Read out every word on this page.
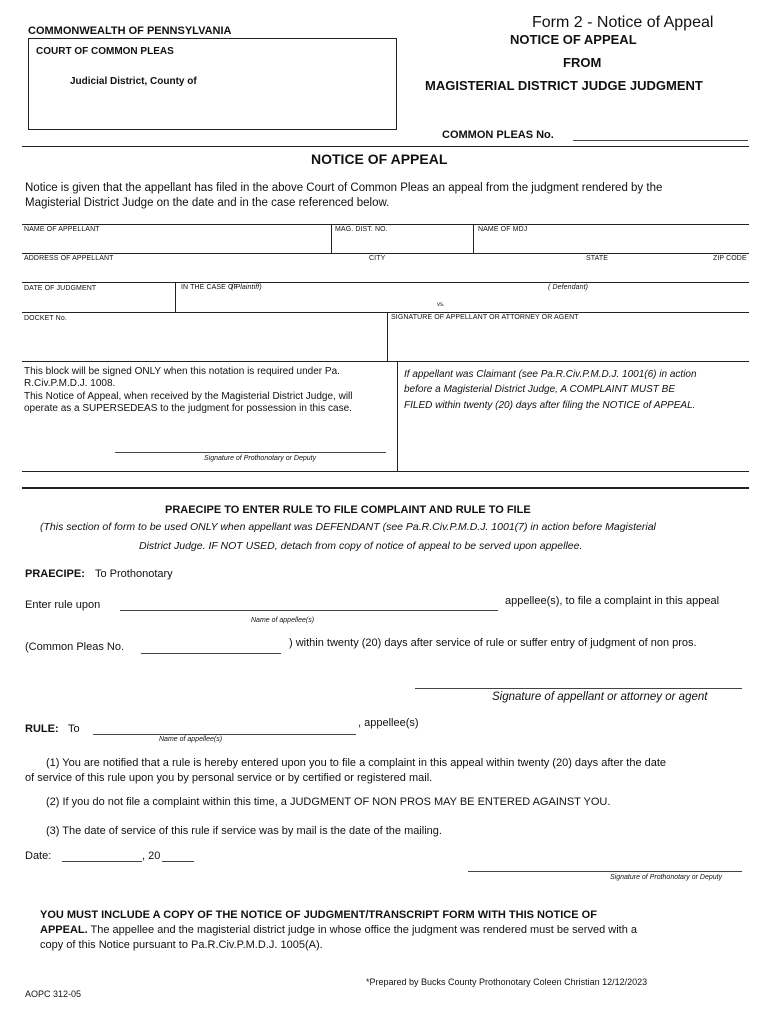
COMMONWEALTH OF PENNSYLVANIA
COURT OF COMMON PLEAS
Judicial District, County of
Form 2 - Notice of Appeal
NOTICE OF APPEAL
FROM
MAGISTERIAL DISTRICT JUDGE JUDGMENT
COMMON PLEAS No.
NOTICE OF APPEAL
Notice is given that the appellant has filed in the above Court of Common Pleas an appeal from the judgment rendered by the
Magisterial District Judge on the date and in the case referenced below.
NAME OF APPELLANT	MAG. DIST. NO.	NAME OF MDJ
ADDRESS OF APPELLANT	CITY	STATE	ZIP CODE
DATE OF JUDGMENT	IN THE CASE OF
( Plaintiff)	( Defendant)
vs.
DOCKET No.	SIGNATURE OF APPELLANT OR ATTORNEY OR AGENT
This block will be signed ONLY when this notation is required under Pa.
R.Civ.P.M.D.J. 1008.
This Notice of Appeal, when received by the Magisterial District Judge, will
operate as a SUPERSEDEAS to the judgment for possession in this case.
Signature of Prothonotary or Deputy
If appellant was Claimant (see Pa.R.Civ.P.M.D.J. 1001(6) in action
before a Magisterial District Judge, A COMPLAINT MUST BE
FILED within twenty (20) days after filing the NOTICE of APPEAL.
PRAECIPE TO ENTER RULE TO FILE COMPLAINT AND RULE TO FILE
(This section of form to be used ONLY when appellant was DEFENDANT (see Pa.R.Civ.P.M.D.J. 1001(7) in action before Magisterial
District Judge. IF NOT USED, detach from copy of notice of appeal to be served upon appellee.
PRAECIPE: To Prothonotary
Enter rule upon	appellee(s), to file a complaint in this appeal
Name of appellee(s)
(Common Pleas No.	) within twenty (20) days after service of rule or suffer entry of judgment of non pros.
Signature of appellant or attorney or agent
RULE: To	, appellee(s)
Name of appellee(s)
(1) You are notified that a rule is hereby entered upon you to file a complaint in this appeal within twenty (20) days after the date
of service of this rule upon you by personal service or by certified or registered mail.
(2) If you do not file a complaint within this time, a JUDGMENT OF NON PROS MAY BE ENTERED AGAINST YOU.
(3) The date of service of this rule if service was by mail is the date of the mailing.
Date:	, 20
Signature of Prothonotary or Deputy
YOU MUST INCLUDE A COPY OF THE NOTICE OF JUDGMENT/TRANSCRIPT FORM WITH THIS NOTICE OF
APPEAL. The appellee and the magisterial district judge in whose office the judgment was rendered must be served with a
copy of this Notice pursuant to Pa.R.Civ.P.M.D.J. 1005(A).
*Prepared by Bucks County Prothonotary Coleen Christian 12/12/2023
AOPC 312-05
